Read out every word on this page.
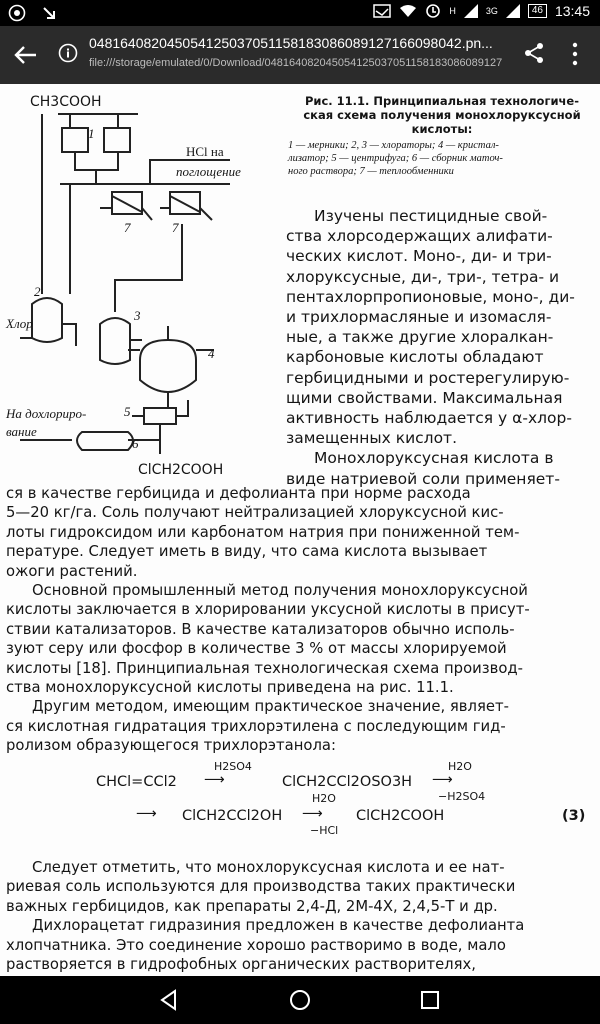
H	3G	46 13:45
0481640820450541250370511581830860891271660980​42.pn...
file:///storage/emulated/0/Download/04816408204505412503705115818308608912​7
CH3COOH
1
HCl на
поглощение
7	7
2
Хлор
3
4
5
На дохлориро-
вание
6
ClCH2COOH
Рис. 11.1. Принципиальная технологиче-
ская схема получения монохлоруксусной
кислоты:
1 — мерники; 2, 3 — хлораторы; 4 — кристал-
лизатор; 5 — центрифуга; 6 — сборник маточ-
ного раствора; 7 — теплообменники
Изучены пестицидные свой-
ства хлорсодержащих алифати-
ческих кислот. Моно-, ди- и три-
хлоруксусные, ди-, три-, тетра- и
пентахлорпропионовые, моно-, ди-
и трихлормасляные и изомасля-
ные, а также другие хлоралкан-
карбоновые кислоты обладают
гербицидными и ростерегулирую-
щими свойствами. Максимальная
активность наблюдается у α-хлор-
замещенных кислот.
Монохлоруксусная кислота в
виде натриевой соли применяет-
ся в качестве гербицида и дефолианта при норме расхода
5—20 кг/га. Соль получают нейтрализацией хлоруксусной кис-
лоты гидроксидом или карбонатом натрия при пониженной тем-
пературе. Следует иметь в виду, что сама кислота вызывает
ожоги растений.
Основной промышленный метод получения монохлоруксусной
кислоты заключается в хлорировании уксусной кислоты в присут-
ствии катализаторов. В качестве катализаторов обычно исполь-
зуют серу или фосфор в количестве 3 % от массы хлорируемой
кислоты [18]. Принципиальная технологическая схема производ-
ства монохлоруксусной кислоты приведена на рис. 11.1.
Другим методом, имеющим практическое значение, являет-
ся кислотная гидратация трихлорэтилена с последующим гид-
ролизом образующегося трихлорэтанола:
CHCl=CCl2
H2SO4
⟶	ClCH2CCl2OSO3H
H2O
⟶
−H2SO4
⟶ ClCH2CCl2OH
H2O
⟶
−HCl
ClCH2COOH	(3)
Следует отметить, что монохлоруксусная кислота и ее нат-
риевая соль используются для производства таких практически
важных гербицидов, как препараты 2,4-Д, 2М-4Х, 2,4,5-Т и др.
Дихлорацетат гидразиния предложен в качестве дефолианта
хлопчатника. Это соединение хорошо растворимо в воде, мало
растворяется в гидрофобных органических растворителях,
